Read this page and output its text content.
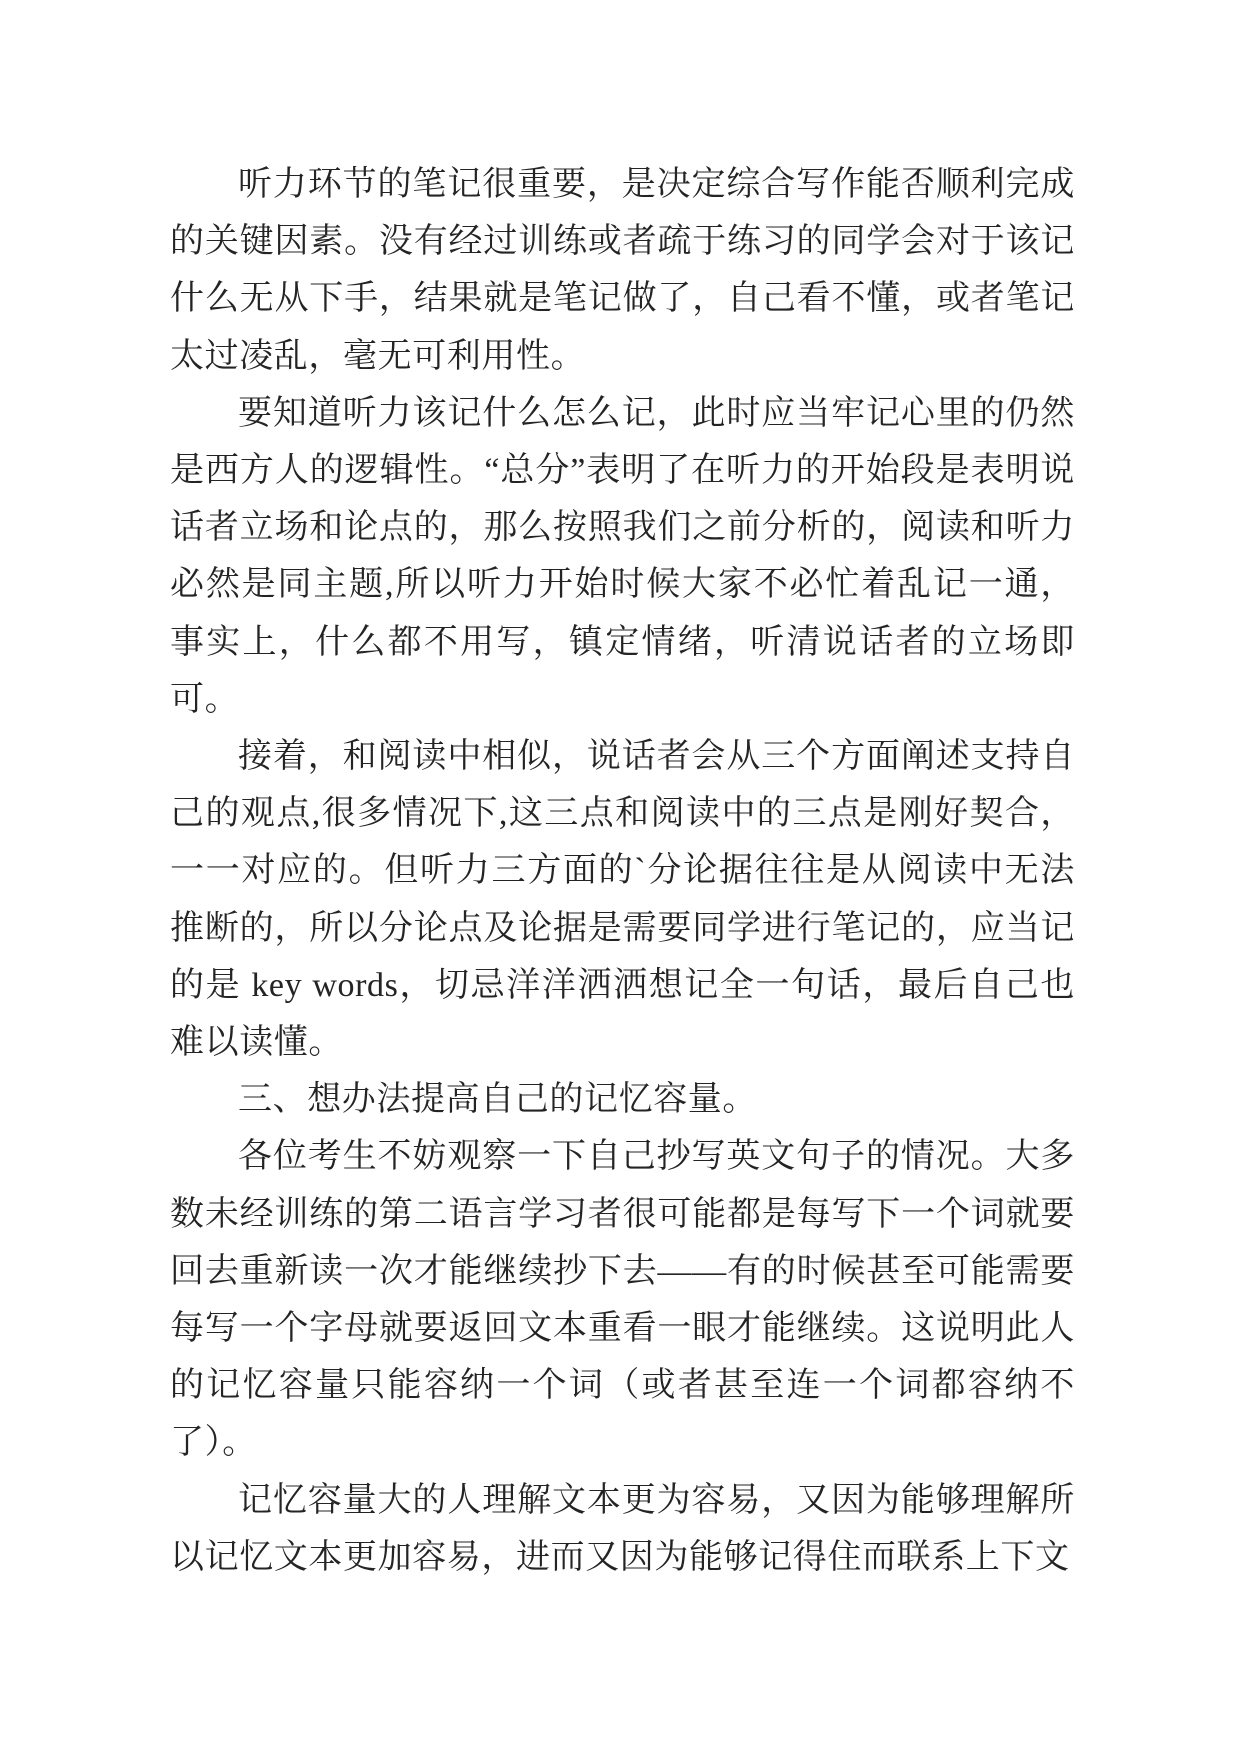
听力环节的笔记很重要，是决定综合写作能否顺利完成的关键因素。没有经过训练或者疏于练习的同学会对于该记什么无从下手，结果就是笔记做了，自己看不懂，或者笔记太过凌乱，毫无可利用性。

要知道听力该记什么怎么记，此时应当牢记心里的仍然是西方人的逻辑性。“总分”表明了在听力的开始段是表明说话者立场和论点的，那么按照我们之前分析的，阅读和听力必然是同主题,所以听力开始时候大家不必忙着乱记一通，事实上，什么都不用写，镇定情绪，听清说话者的立场即可。

接着，和阅读中相似，说话者会从三个方面阐述支持自己的观点,很多情况下,这三点和阅读中的三点是刚好契合，一一对应的。但听力三方面的`分论据往往是从阅读中无法推断的，所以分论点及论据是需要同学进行笔记的，应当记的是 key words，切忌洋洋洒洒想记全一句话，最后自己也难以读懂。

三、想办法提高自己的记忆容量。

各位考生不妨观察一下自己抄写英文句子的情况。大多数未经训练的第二语言学习者很可能都是每写下一个词就要回去重新读一次才能继续抄下去——有的时候甚至可能需要每写一个字母就要返回文本重看一眼才能继续。这说明此人的记忆容量只能容纳一个词（或者甚至连一个词都容纳不了）。

记忆容量大的人理解文本更为容易，又因为能够理解所以记忆文本更加容易，进而又因为能够记得住而联系上下文
